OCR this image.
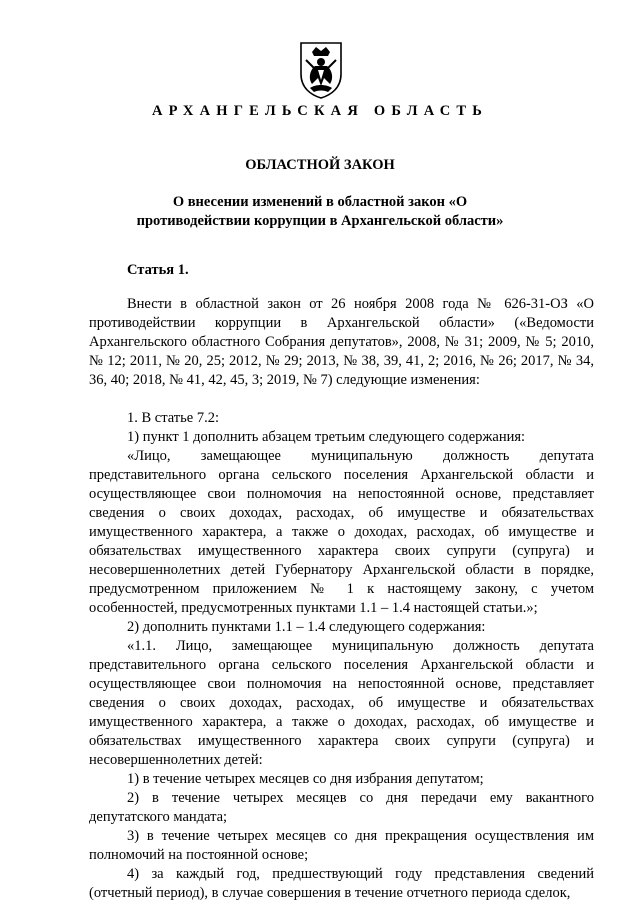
АРХАНГЕЛЬСКАЯ ОБЛАСТЬ
ОБЛАСТНОЙ ЗАКОН
О внесении изменений в областной закон «О противодействии коррупции в Архангельской области»
Статья 1.

Внести в областной закон от 26 ноября 2008 года № 626-31-ОЗ «О противодействии коррупции в Архангельской области» («Ведомости Архангельского областного Собрания депутатов», 2008, № 31; 2009, № 5; 2010, № 12; 2011, № 20, 25; 2012, № 29; 2013, № 38, 39, 41, 2; 2016, № 26; 2017, № 34, 36, 40; 2018, № 41, 42, 45, 3; 2019, № 7) следующие изменения:

1. В статье 7.2:

1) пункт 1 дополнить абзацем третьим следующего содержания:

«Лицо, замещающее муниципальную должность депутата представительного органа сельского поселения Архангельской области и осуществляющее свои полномочия на непостоянной основе, представляет сведения о своих доходах, расходах, об имуществе и обязательствах имущественного характера, а также о доходах, расходах, об имуществе и обязательствах имущественного характера своих супруги (супруга) и несовершеннолетних детей Губернатору Архангельской области в порядке, предусмотренном приложением № 1 к настоящему закону, с учетом особенностей, предусмотренных пунктами 1.1 – 1.4 настоящей статьи.»;

2) дополнить пунктами 1.1 – 1.4 следующего содержания:

«1.1. Лицо, замещающее муниципальную должность депутата представительного органа сельского поселения Архангельской области и осуществляющее свои полномочия на непостоянной основе, представляет сведения о своих доходах, расходах, об имуществе и обязательствах имущественного характера, а также о доходах, расходах, об имуществе и обязательствах имущественного характера своих супруги (супруга) и несовершеннолетних детей:

1) в течение четырех месяцев со дня избрания депутатом;

2) в течение четырех месяцев со дня передачи ему вакантного депутатского мандата;

3) в течение четырех месяцев со дня прекращения осуществления им полномочий на постоянной основе;

4) за каждый год, предшествующий году представления сведений (отчетный период), в случае совершения в течение отчетного периода сделок,
